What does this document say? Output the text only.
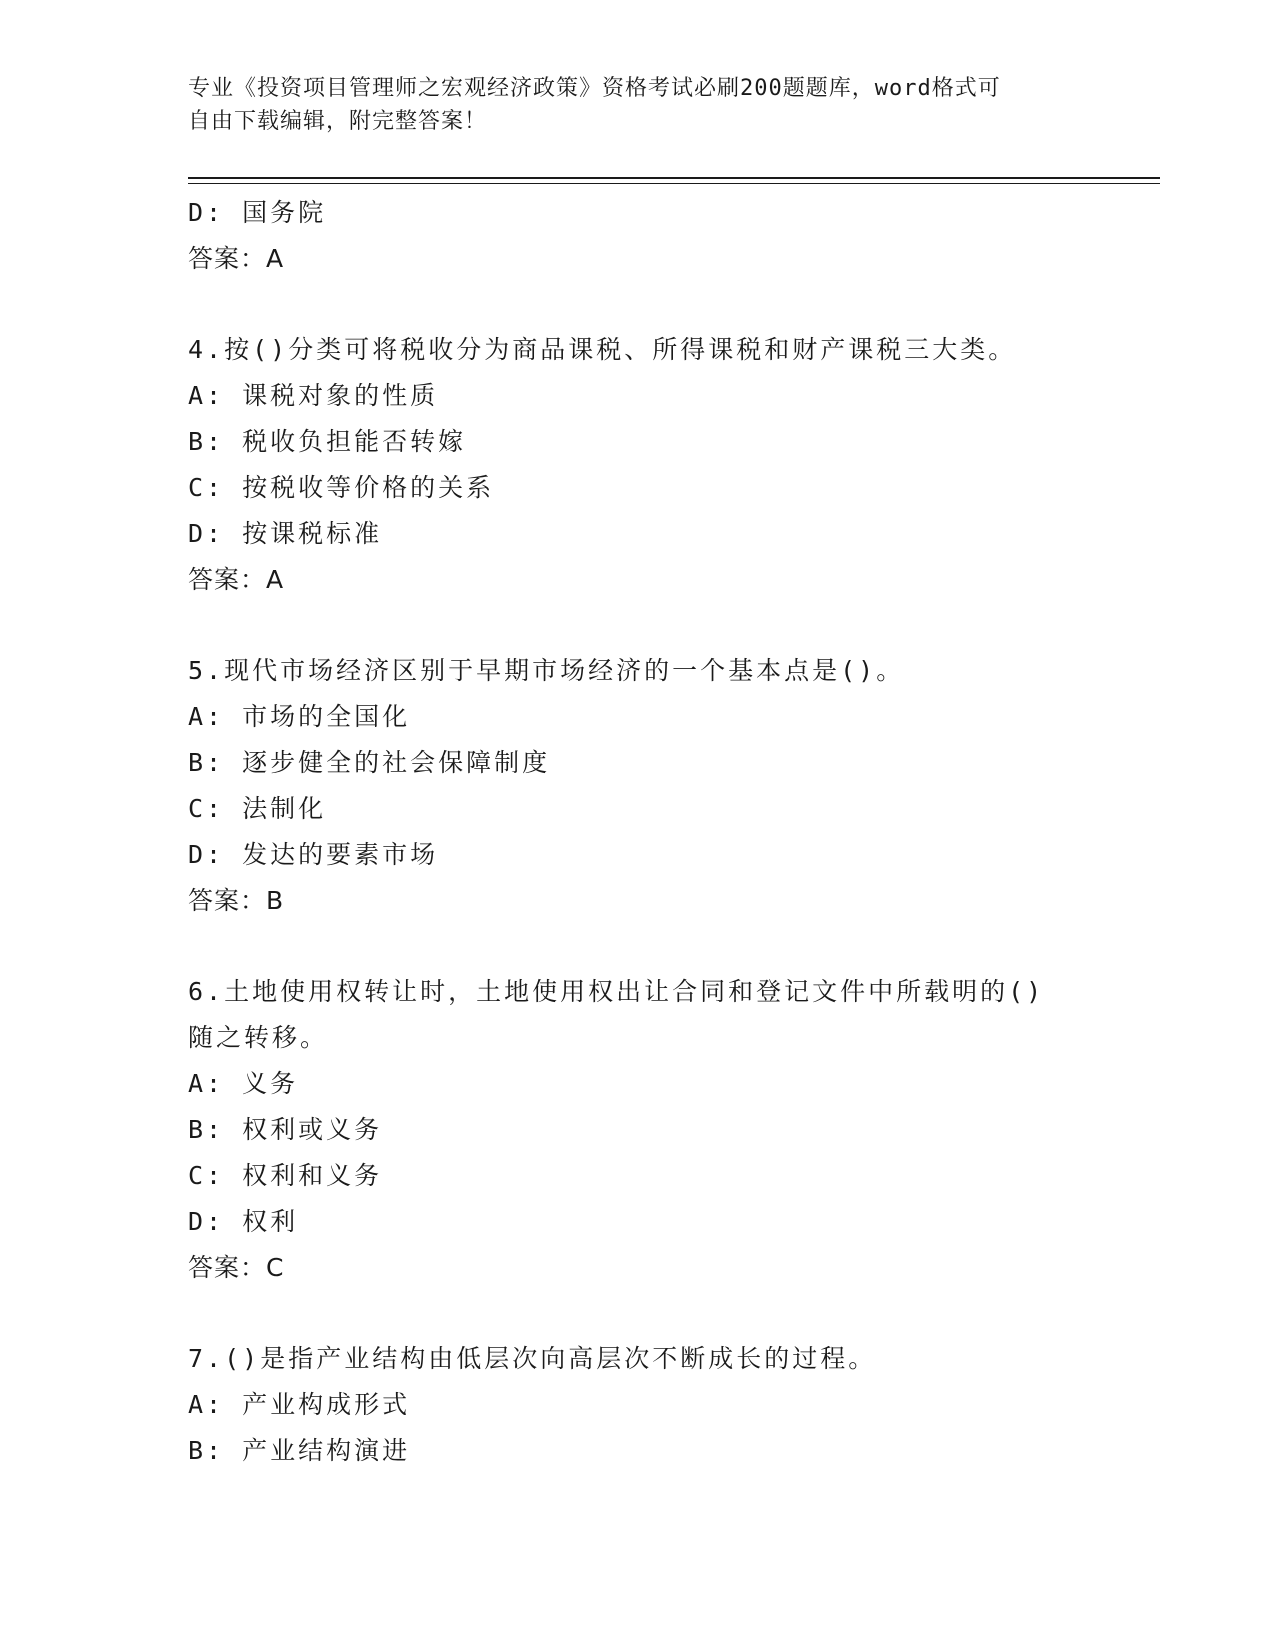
专业《投资项目管理师之宏观经济政策》资格考试必刷200题题库，word格式可
自由下载编辑，附完整答案！
D: 国务院
答案：A
4.按()分类可将税收分为商品课税、所得课税和财产课税三大类。
A: 课税对象的性质
B: 税收负担能否转嫁
C: 按税收等价格的关系
D: 按课税标准
答案：A
5.现代市场经济区别于早期市场经济的一个基本点是()。
A: 市场的全国化
B: 逐步健全的社会保障制度
C: 法制化
D: 发达的要素市场
答案：B
6.土地使用权转让时，土地使用权出让合同和登记文件中所载明的()
随之转移。
A: 义务
B: 权利或义务
C: 权利和义务
D: 权利
答案：C
7.()是指产业结构由低层次向高层次不断成长的过程。
A: 产业构成形式
B: 产业结构演进
